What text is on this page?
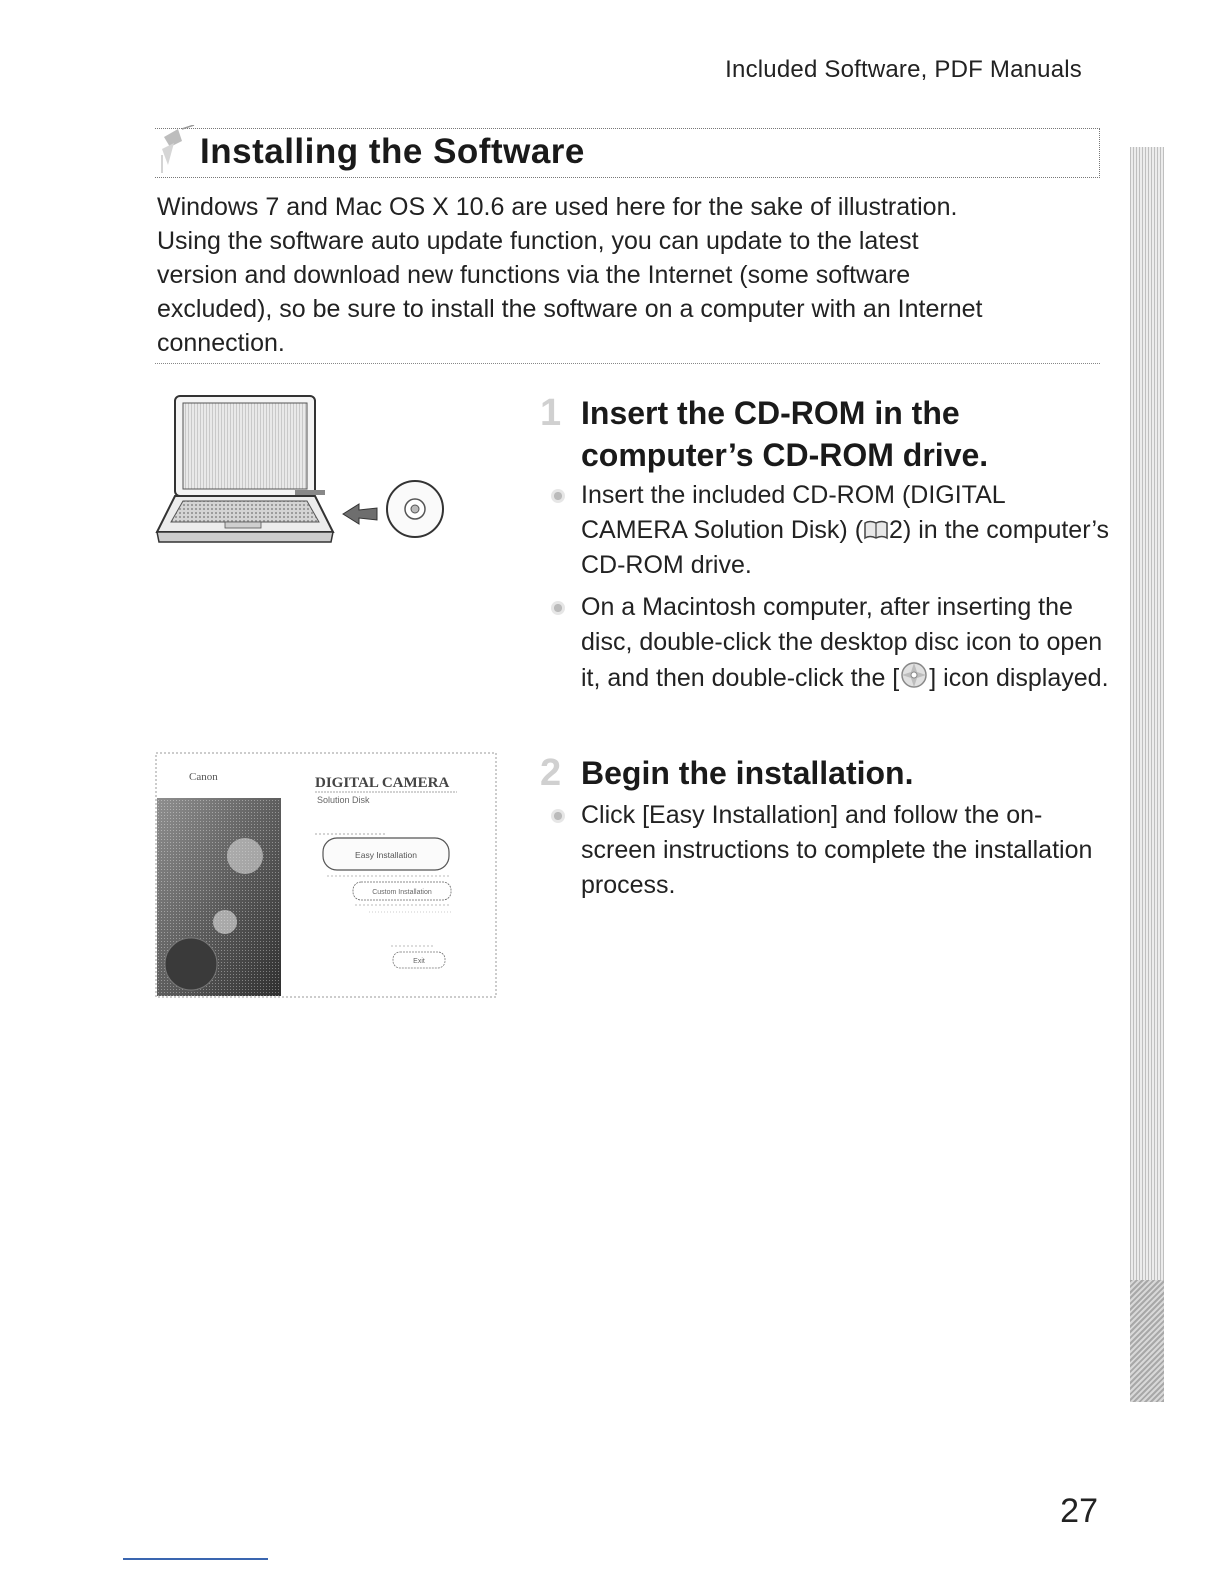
Included Software, PDF Manuals
Installing the Software

Windows 7 and Mac OS X 10.6 are used here for the sake of illustration.

Using the software auto update function, you can update to the latest

version and download new functions via the Internet (some software

excluded), so be sure to install the software on a computer with an Internet

connection.

1 Insert the CD-ROM in the
computer’s CD-ROM drive.
Insert the included CD-ROM (DIGITAL CAMERA Solution Disk) ( 2) in the computer’s CD-ROM drive.
On a Macintosh computer, after inserting the disc, double-click the desktop disc icon to open it, and then double-click the [ ] icon displayed.
Canon	DIGITAL CAMERA
Solution Disk
Easy Installation
Custom Installation
Exit
2 Begin the installation.
Click [Easy Installation] and follow the on-screen instructions to complete the installation process.
27
